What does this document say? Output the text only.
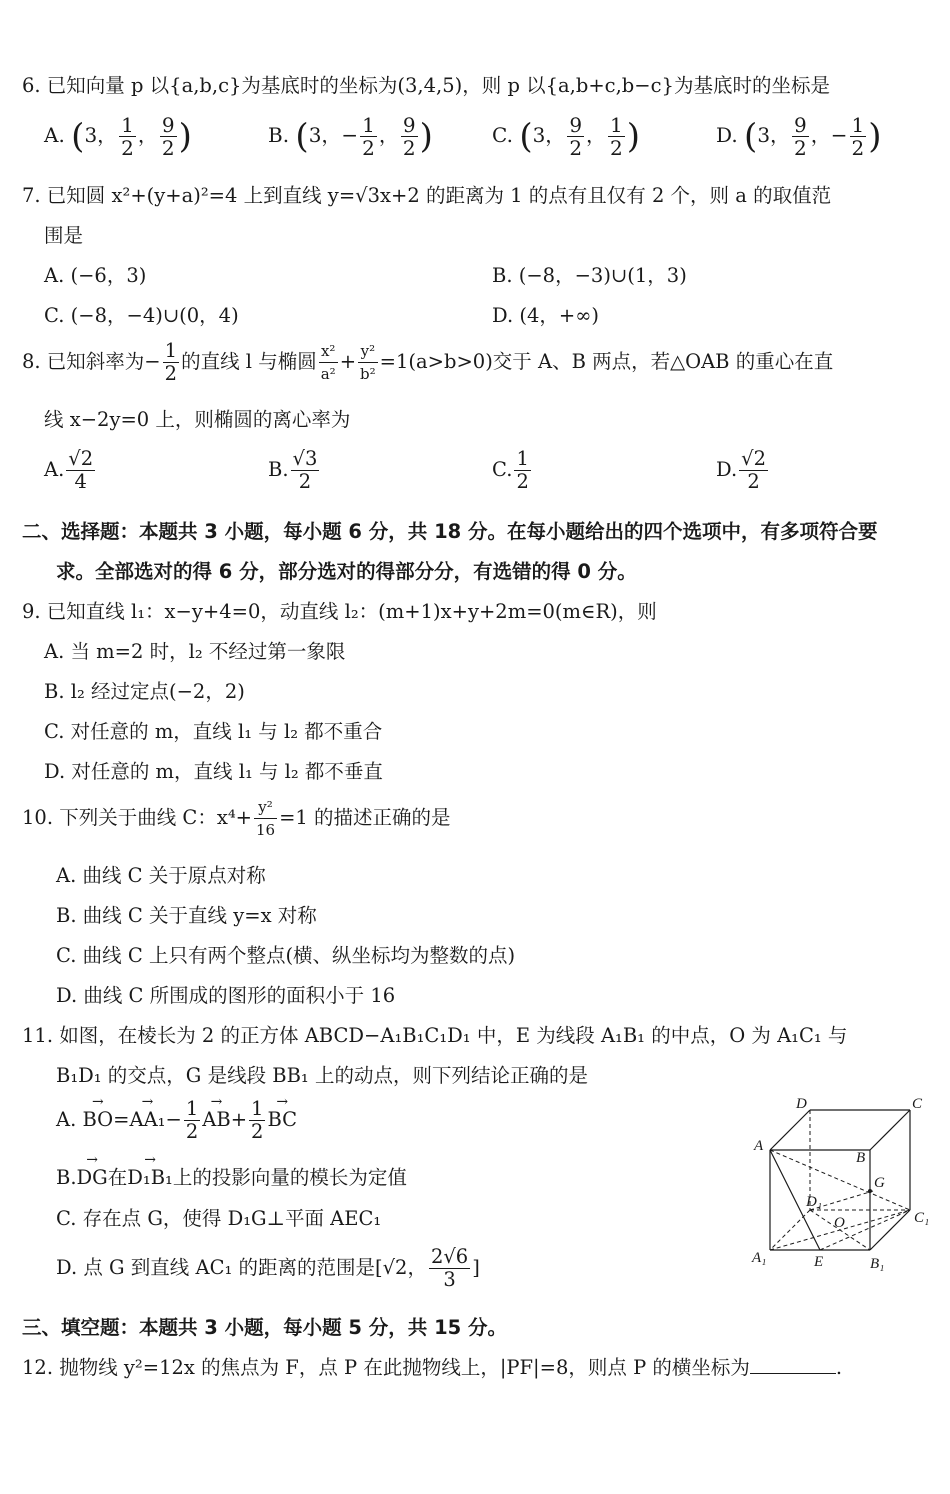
6. 已知向量 p 以{a,b,c}为基底时的坐标为(3,4,5)，则 p 以{a,b+c,b−c}为基底时的坐标是
A. (3， $\frac{1}{2}$ ， $\frac{9}{2}$ )	B. (3，− $\frac{1}{2}$ ， $\frac{9}{2}$ )	C. (3， $\frac{9}{2}$ ， $\frac{1}{2}$ )	D. (3， $\frac{9}{2}$ ，− $\frac{1}{2}$ )
7. 已知圆 x²+(y+a)²=4 上到直线 y=√3x+2 的距离为 1 的点有且仅有 2 个，则 a 的取值范
围是
A. (−6，3)	B. (−8，−3)∪(1，3)
C. (−8，−4)∪(0，4)	D. (4，+∞)
8. 已知斜率为− $\frac{1}{2}$ 的直线 l 与椭圆 $\frac{\text{x²}}{\text{a²}} + \frac{\text{y²}}{\text{b²}} =1(a>b>0)$交于 A、B 两点，若△OAB 的重心在直
线 x−2y=0 上，则椭圆的离心率为
A. $\frac{√2}{4}$	B. $\frac{√3}{2}$	C. $\frac{1}{2}$	D. $\frac{√2}{2}$
二、选择题：本题共 3 小题，每小题 6 分，共 18 分。在每小题给出的四个选项中，有多项符合要
求。全部选对的得 6 分，部分选对的得部分分，有选错的得 0 分。
9. 已知直线 l₁：x−y+4=0，动直线 l₂：(m+1)x+y+2m=0(m∈R)，则
A. 当 m=2 时，l₂ 不经过第一象限
B. l₂ 经过定点(−2，2)
C. 对任意的 m，直线 l₁ 与 l₂ 都不重合
D. 对任意的 m，直线 l₁ 与 l₂ 都不垂直
10. 下列关于曲线 C：$x^4+ \frac{\text{y²}}{16} =1$ 的描述正确的是
A. 曲线 C 关于原点对称
B. 曲线 C 关于直线 y=x 对称
C. 曲线 C 上只有两个整点(横、纵坐标均为整数的点)
D. 曲线 C 所围成的图形的面积小于 16
11. 如图，在棱长为 2 的正方体 ABCD−A₁B₁C₁D₁ 中，E 为线段 A₁B₁ 的中点，O 为 A₁C₁ 与
B₁D₁ 的交点，G 是线段 BB₁ 上的动点，则下列结论正确的是
A. → $BO=\to AA_1- \frac{1}{2}$
→ $AB+ \frac{1}{2}$
→ BC
B.→ DG在→ D₁B₁上的投影向量的模长为定值
C. 存在点 G，使得 D₁G⊥平面 AEC₁
D. 点 G 到直线 AC₁ 的距离的范围是[√2， $\frac{2√6}{3}$ ]
D	C
A
B
G
D₁
O	C₁
A₁	E	B₁
三、填空题：本题共 3 小题，每小题 5 分，共 15 分。
12. 抛物线 y²=12x 的焦点为 F，点 P 在此抛物线上，|PF|=8，则点 P 的横坐标为	.
